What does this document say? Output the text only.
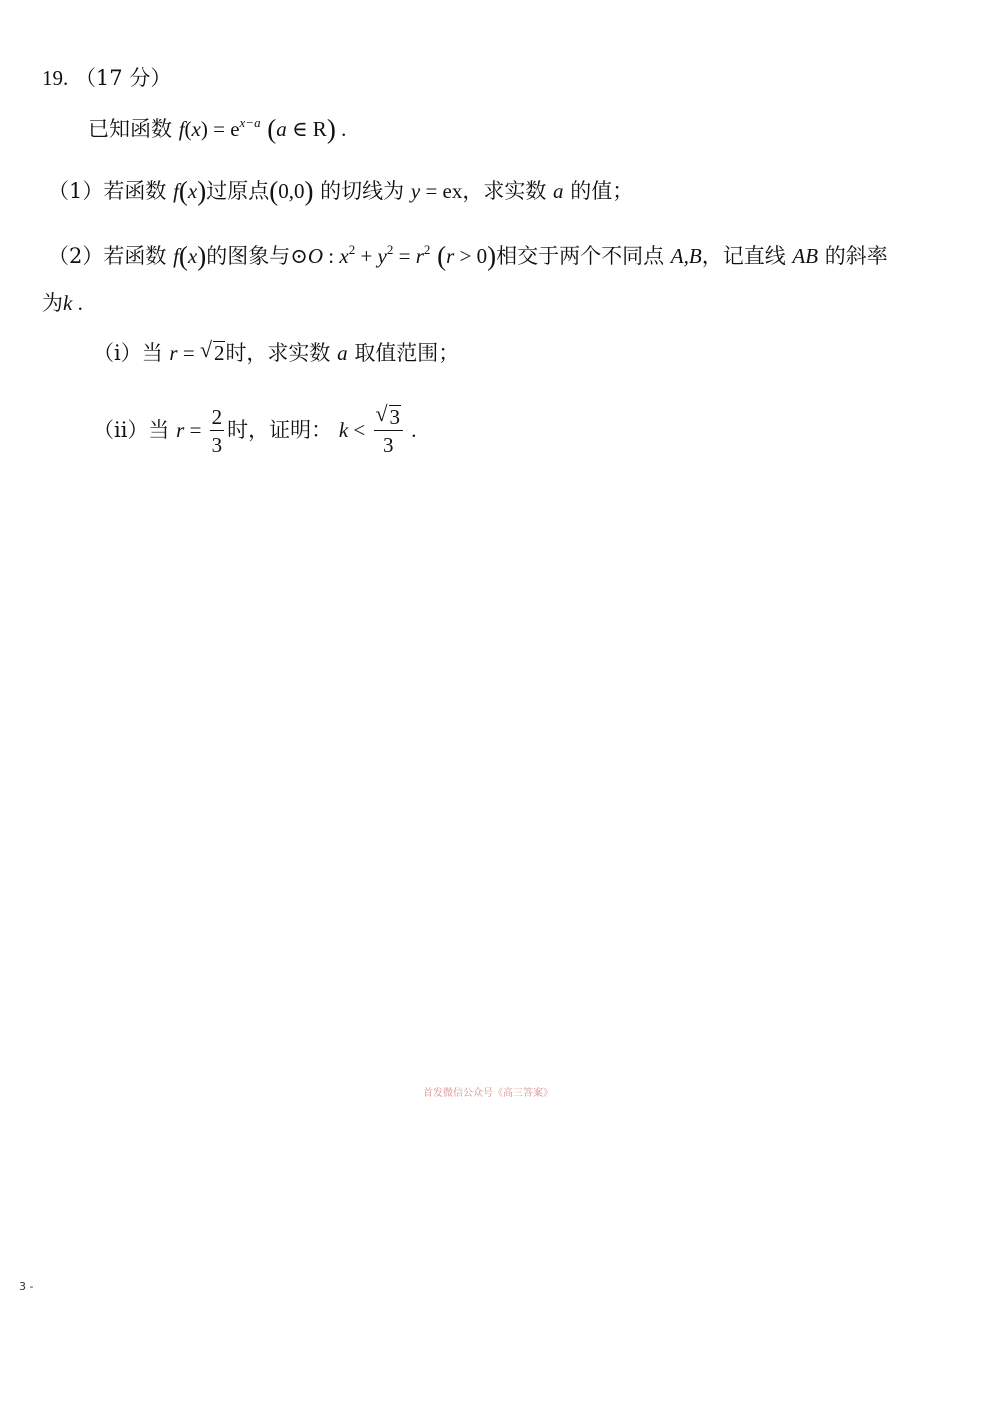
19. （17 分）
已知函数 $f(x) = e^{x-a}$ (a ∈ R) .
（1）若函数 f(x)过原点(0,0) 的切线为 y = ex，求实数 a 的值；
（2）若函数 f(x)的图象与⊙O : $x^2 + y^2 = r^2$ (r > 0)相交于两个不同点 A,B，记直线 AB 的斜率
为k .
（i）当 r = √ 2时，求实数 a 取值范围；
（ii）当 $r = \frac{2}{3}$ 时，证明： $k < \frac{√ 3}{3}$ .
首发微信公众号《高三答案》
3 -
